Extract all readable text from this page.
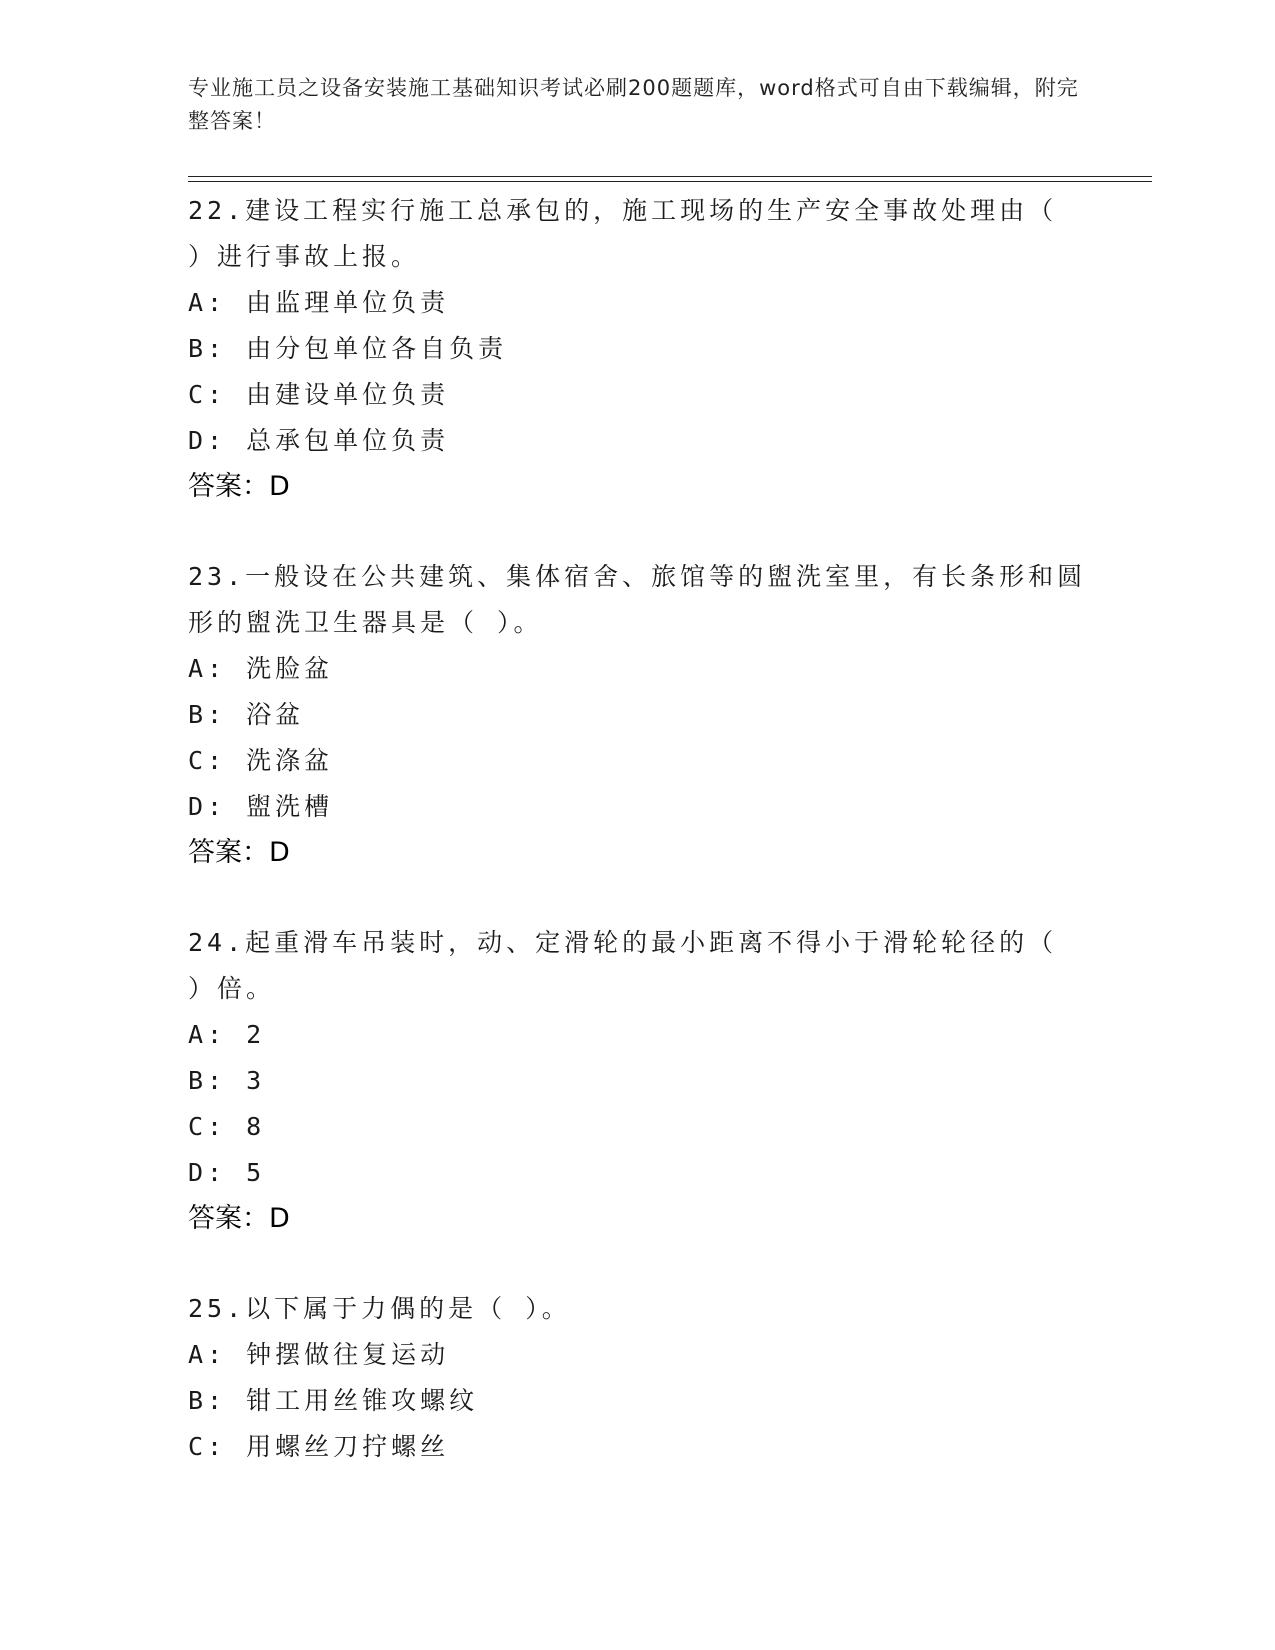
专业施工员之设备安装施工基础知识考试必刷200题题库，word格式可自由下载编辑，附完整答案！
22.建设工程实行施工总承包的，施工现场的生产安全事故处理由（ ）进行事故上报。
A: 由监理单位负责
B: 由分包单位各自负责
C: 由建设单位负责
D: 总承包单位负责
答案：D
23.一般设在公共建筑、集体宿舍、旅馆等的盥洗室里，有长条形和圆形的盥洗卫生器具是（ ）。
A: 洗脸盆
B: 浴盆
C: 洗涤盆
D: 盥洗槽
答案：D
24.起重滑车吊装时，动、定滑轮的最小距离不得小于滑轮轮径的（ ）倍。
A: 2
B: 3
C: 8
D: 5
答案：D
25.以下属于力偶的是（ ）。
A: 钟摆做往复运动
B: 钳工用丝锥攻螺纹
C: 用螺丝刀拧螺丝
